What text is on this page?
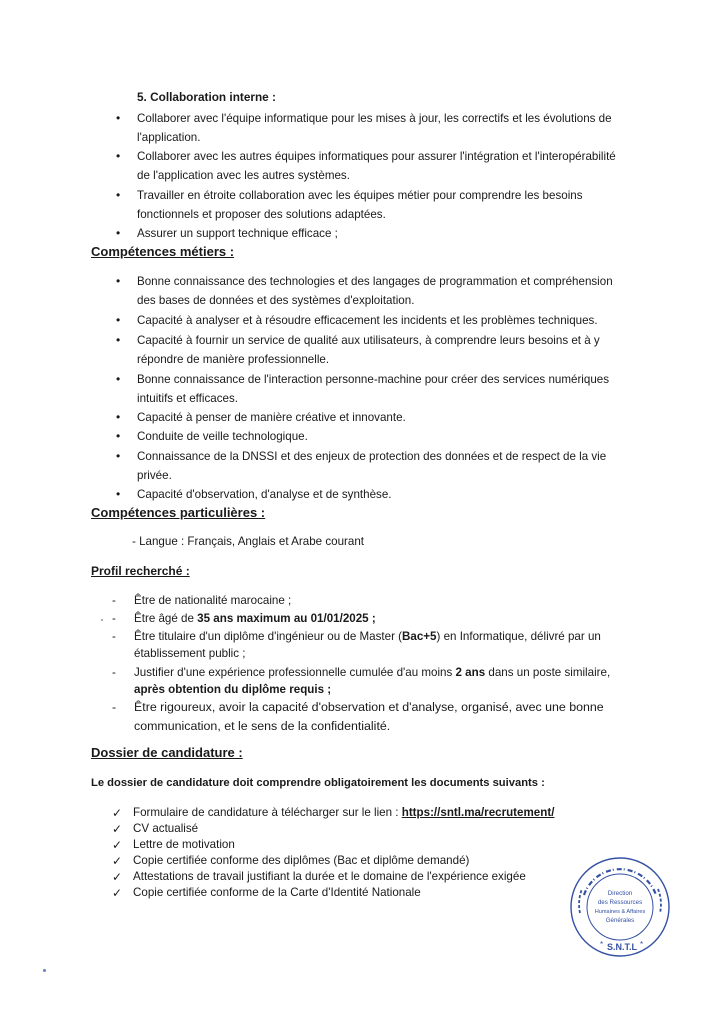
5. Collaboration interne :
• Collaborer avec l'équipe informatique pour les mises à jour, les correctifs et les évolutions de
l'application.
• Collaborer avec les autres équipes informatiques pour assurer l'intégration et l'interopérabilité
de l'application avec les autres systèmes.
• Travailler en étroite collaboration avec les équipes métier pour comprendre les besoins
fonctionnels et proposer des solutions adaptées.
• Assurer un support technique efficace ;
Compétences métiers :
• Bonne connaissance des technologies et des langages de programmation et compréhension
des bases de données et des systèmes d'exploitation.
• Capacité à analyser et à résoudre efficacement les incidents et les problèmes techniques.
• Capacité à fournir un service de qualité aux utilisateurs, à comprendre leurs besoins et à y
répondre de manière professionnelle.
• Bonne connaissance de l'interaction personne-machine pour créer des services numériques
intuitifs et efficaces.
• Capacité à penser de manière créative et innovante.
• Conduite de veille technologique.
• Connaissance de la DNSSI et des enjeux de protection des données et de respect de la vie
privée.
• Capacité d'observation, d'analyse et de synthèse.
Compétences particulières :
- Langue : Français, Anglais et Arabe courant
Profil recherché :
- Être de nationalité marocaine ;
- Être âgé de 35 ans maximum au 01/01/2025 ;
- Être titulaire d'un diplôme d'ingénieur ou de Master (Bac+5) en Informatique, délivré par un
établissement public ;
- Justifier d'une expérience professionnelle cumulée d'au moins 2 ans dans un poste similaire,
après obtention du diplôme requis ;
- Être rigoureux, avoir la capacité d'observation et d'analyse, organisé, avec une bonne
communication, et le sens de la confidentialité.
Dossier de candidature :
Le dossier de candidature doit comprendre obligatoirement les documents suivants :
✓ Formulaire de candidature à télécharger sur le lien : https://sntl.ma/recrutement/
✓ CV actualisé
✓ Lettre de motivation
✓ Copie certifiée conforme des diplômes (Bac et diplôme demandé)
✓ Attestations de travail justifiant la durée et le domaine de l'expérience exigée
✓ Copie certifiée conforme de la Carte d'Identité Nationale	Direction
des Ressources
Humaines & Affaires
Générales
S.N.T.L
*	*
